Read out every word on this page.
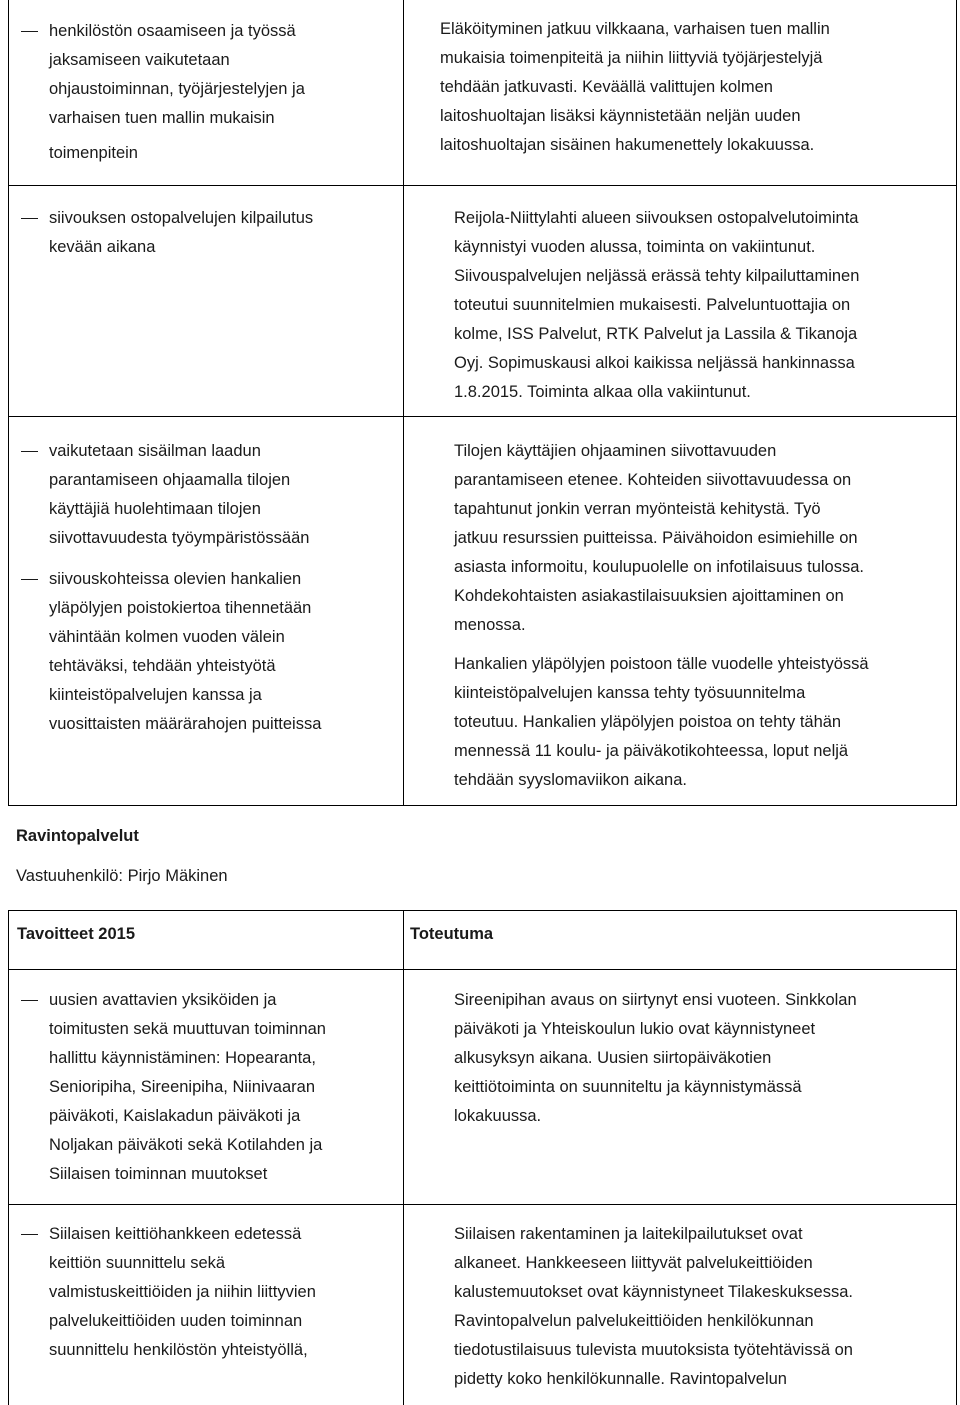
henkilöstön osaamiseen ja työssä
jaksamiseen vaikutetaan
ohjaustoiminnan, työjärjestelyjen ja
varhaisen tuen mallin mukaisin
toimenpitein
Eläköityminen jatkuu vilkkaana, varhaisen tuen mallin
mukaisia toimenpiteitä ja niihin liittyviä työjärjestelyjä
tehdään jatkuvasti. Keväällä valittujen kolmen
laitoshuoltajan lisäksi käynnistetään neljän uuden
laitoshuoltajan sisäinen hakumenettely lokakuussa.
siivouksen ostopalvelujen kilpailutus
kevään aikana
Reijola-Niittylahti alueen siivouksen ostopalvelutoiminta
käynnistyi vuoden alussa, toiminta on vakiintunut.
Siivouspalvelujen neljässä erässä tehty kilpailuttaminen
toteutui suunnitelmien mukaisesti. Palveluntuottajia on
kolme, ISS Palvelut, RTK Palvelut ja Lassila & Tikanoja
Oyj. Sopimuskausi alkoi kaikissa neljässä hankinnassa
1.8.2015. Toiminta alkaa olla vakiintunut.
vaikutetaan sisäilman laadun
parantamiseen ohjaamalla tilojen
käyttäjiä huolehtimaan tilojen
siivottavuudesta työympäristössään
siivouskohteissa olevien hankalien
yläpölyjen poistokiertoa tihennetään
vähintään kolmen vuoden välein
tehtäväksi, tehdään yhteistyötä
kiinteistöpalvelujen kanssa ja
vuosittaisten määrärahojen puitteissa
Tilojen käyttäjien ohjaaminen siivottavuuden
parantamiseen etenee. Kohteiden siivottavuudessa on
tapahtunut jonkin verran myönteistä kehitystä. Työ
jatkuu resurssien puitteissa. Päivähoidon esimiehille on
asiasta informoitu, koulupuolelle on infotilaisuus tulossa.
Kohdekohtaisten asiakastilaisuuksien ajoittaminen on
menossa.
Hankalien yläpölyjen poistoon tälle vuodelle yhteistyössä
kiinteistöpalvelujen kanssa tehty työsuunnitelma
toteutuu. Hankalien yläpölyjen poistoa on tehty tähän
mennessä 11 koulu- ja päiväkotikohteessa, loput neljä
tehdään syyslomaviikon aikana.
Ravintopalvelut
Vastuuhenkilö: Pirjo Mäkinen
Tavoitteet 2015	Toteutuma
uusien avattavien yksiköiden ja
toimitusten sekä muuttuvan toiminnan
hallittu käynnistäminen: Hopearanta,
Senioripiha, Sireenipiha, Niinivaaran
päiväkoti, Kaislakadun päiväkoti ja
Noljakan päiväkoti sekä Kotilahden ja
Siilaisen toiminnan muutokset
Sireenipihan avaus on siirtynyt ensi vuoteen. Sinkkolan
päiväkoti ja Yhteiskoulun lukio ovat käynnistyneet
alkusyksyn aikana. Uusien siirtopäiväkotien
keittiötoiminta on suunniteltu ja käynnistymässä
lokakuussa.
Siilaisen keittiöhankkeen edetessä
keittiön suunnittelu sekä
valmistuskeittiöiden ja niihin liittyvien
palvelukeittiöiden uuden toiminnan
suunnittelu henkilöstön yhteistyöllä,
Siilaisen rakentaminen ja laitekilpailutukset ovat
alkaneet. Hankkeeseen liittyvät palvelukeittiöiden
kalustemuutokset ovat käynnistyneet Tilakeskuksessa.
Ravintopalvelun palvelukeittiöiden henkilökunnan
tiedotustilaisuus tulevista muutoksista työtehtävissä on
pidetty koko henkilökunnalle. Ravintopalvelun
